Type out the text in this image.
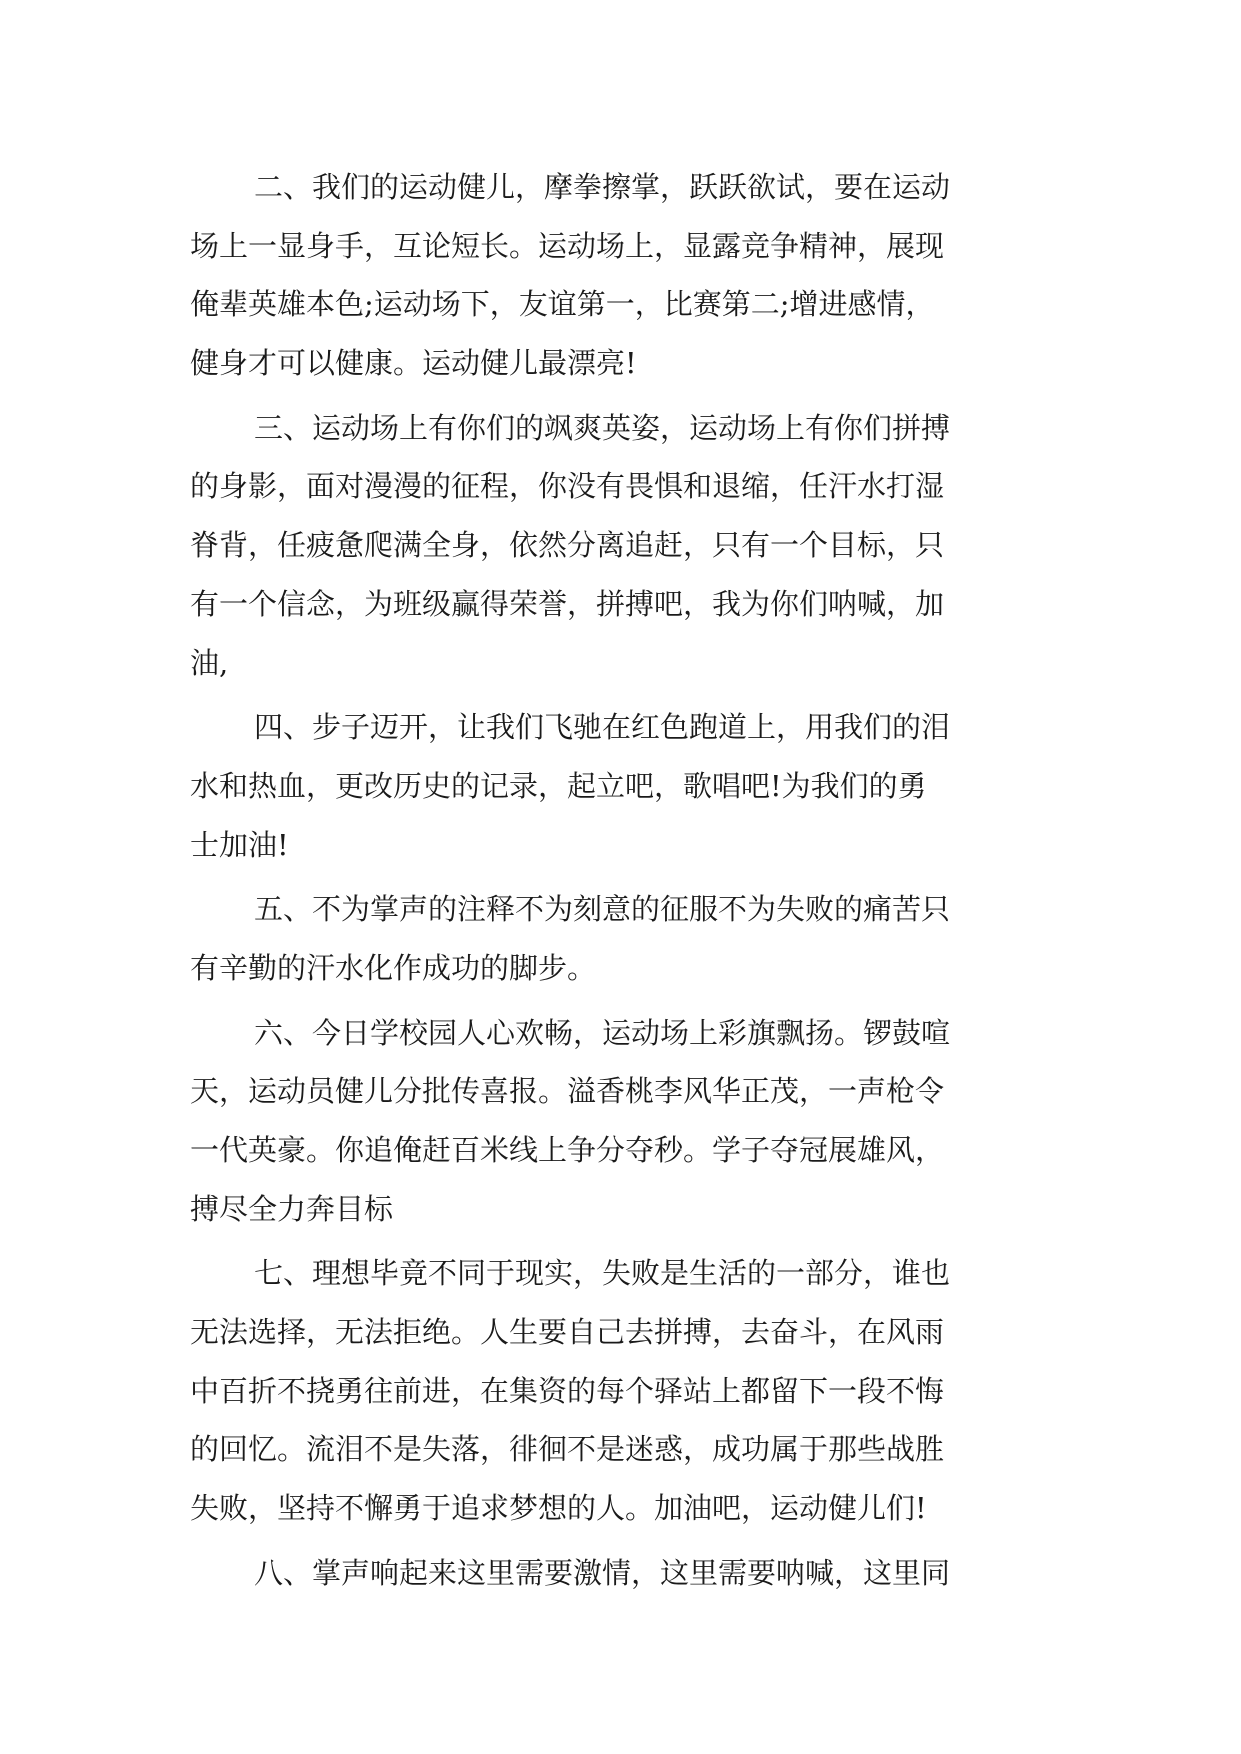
二、我们的运动健儿，摩拳擦掌，跃跃欲试，要在运动
场上一显身手，互论短长。运动场上，显露竞争精神，展现
俺辈英雄本色;运动场下，友谊第一，比赛第二;增进感情，
健身才可以健康。运动健儿最漂亮!
三、运动场上有你们的飒爽英姿，运动场上有你们拼搏
的身影，面对漫漫的征程，你没有畏惧和退缩，任汗水打湿
脊背，任疲惫爬满全身，依然分离追赶，只有一个目标，只
有一个信念，为班级赢得荣誉，拼搏吧，我为你们呐喊，加
油,
四、步子迈开，让我们飞驰在红色跑道上，用我们的泪
水和热血，更改历史的记录，起立吧，歌唱吧!为我们的勇
士加油!
五、不为掌声的注释不为刻意的征服不为失败的痛苦只
有辛勤的汗水化作成功的脚步。
六、今日学校园人心欢畅，运动场上彩旗飘扬。锣鼓喧
天，运动员健儿分批传喜报。溢香桃李风华正茂，一声枪令
一代英豪。你追俺赶百米线上争分夺秒。学子夺冠展雄风，
搏尽全力奔目标
七、理想毕竟不同于现实，失败是生活的一部分，谁也
无法选择，无法拒绝。人生要自己去拼搏，去奋斗，在风雨
中百折不挠勇往前进，在集资的每个驿站上都留下一段不悔
的回忆。流泪不是失落，徘徊不是迷惑，成功属于那些战胜
失败，坚持不懈勇于追求梦想的人。加油吧，运动健儿们!
八、掌声响起来这里需要激情，这里需要呐喊，这里同
